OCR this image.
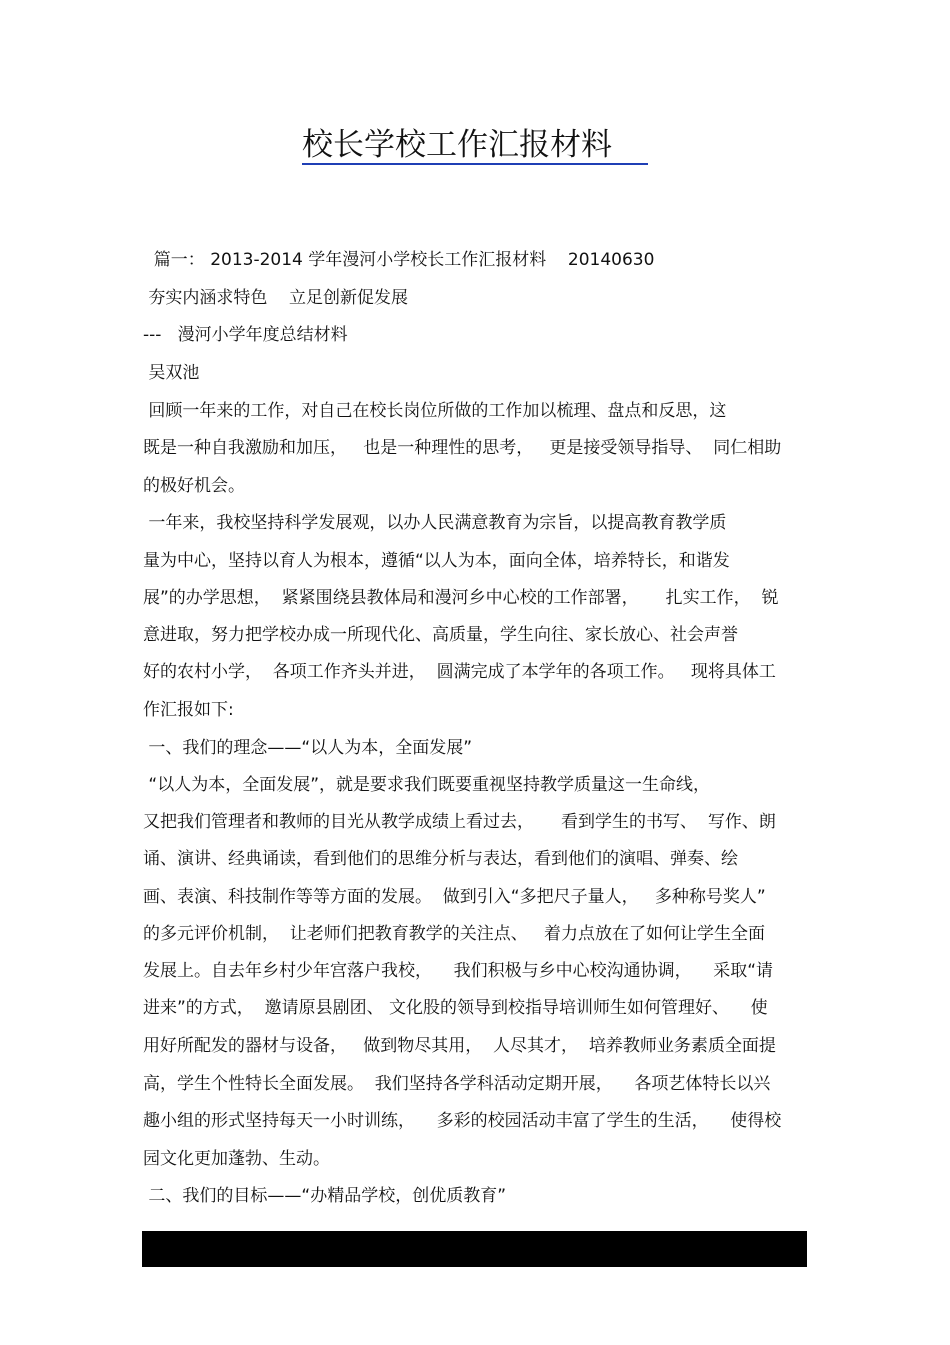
校长学校工作汇报材料
篇一： 2013-2014 学年漫河小学校长工作汇报材料    20140630
夯实内涵求特色    立足创新促发展
---   漫河小学年度总结材料
吴双池
回顾一年来的工作，对自己在校长岗位所做的工作加以梳理、盘点和反思，这
既是一种自我激励和加压，   也是一种理性的思考，   更是接受领导指导、  同仁相助
的极好机会。
一年来，我校坚持科学发展观，以办人民满意教育为宗旨，以提高教育教学质
量为中心，坚持以育人为根本，遵循“以人为本，面向全体，培养特长，和谐发
展”的办学思想，  紧紧围绕县教体局和漫河乡中心校的工作部署，     扎实工作，  锐
意进取，努力把学校办成一所现代化、高质量，学生向往、家长放心、社会声誉
好的农村小学，  各项工作齐头并进，  圆满完成了本学年的各项工作。   现将具体工
作汇报如下:
一、我们的理念——“以人为本，全面发展”
“以人为本，全面发展”，就是要求我们既要重视坚持教学质量这一生命线，
又把我们管理者和教师的目光从教学成绩上看过去，     看到学生的书写、  写作、朗
诵、演讲、经典诵读，看到他们的思维分析与表达，看到他们的演唱、弹奏、绘
画、表演、科技制作等等方面的发展。  做到引入“多把尺子量人，   多种称号奖人”
的多元评价机制，  让老师们把教育教学的关注点、   着力点放在了如何让学生全面
发展上。自去年乡村少年宫落户我校，    我们积极与乡中心校沟通协调，    采取“请
进来”的方式，  邀请原县剧团、 文化股的领导到校指导培训师生如何管理好、    使
用好所配发的器材与设备，   做到物尽其用，  人尽其才，  培养教师业务素质全面提
高，学生个性特长全面发展。  我们坚持各学科活动定期开展，    各项艺体特长以兴
趣小组的形式坚持每天一小时训练，    多彩的校园活动丰富了学生的生活，    使得校
园文化更加蓬勃、生动。
二、我们的目标——“办精品学校，创优质教育”
